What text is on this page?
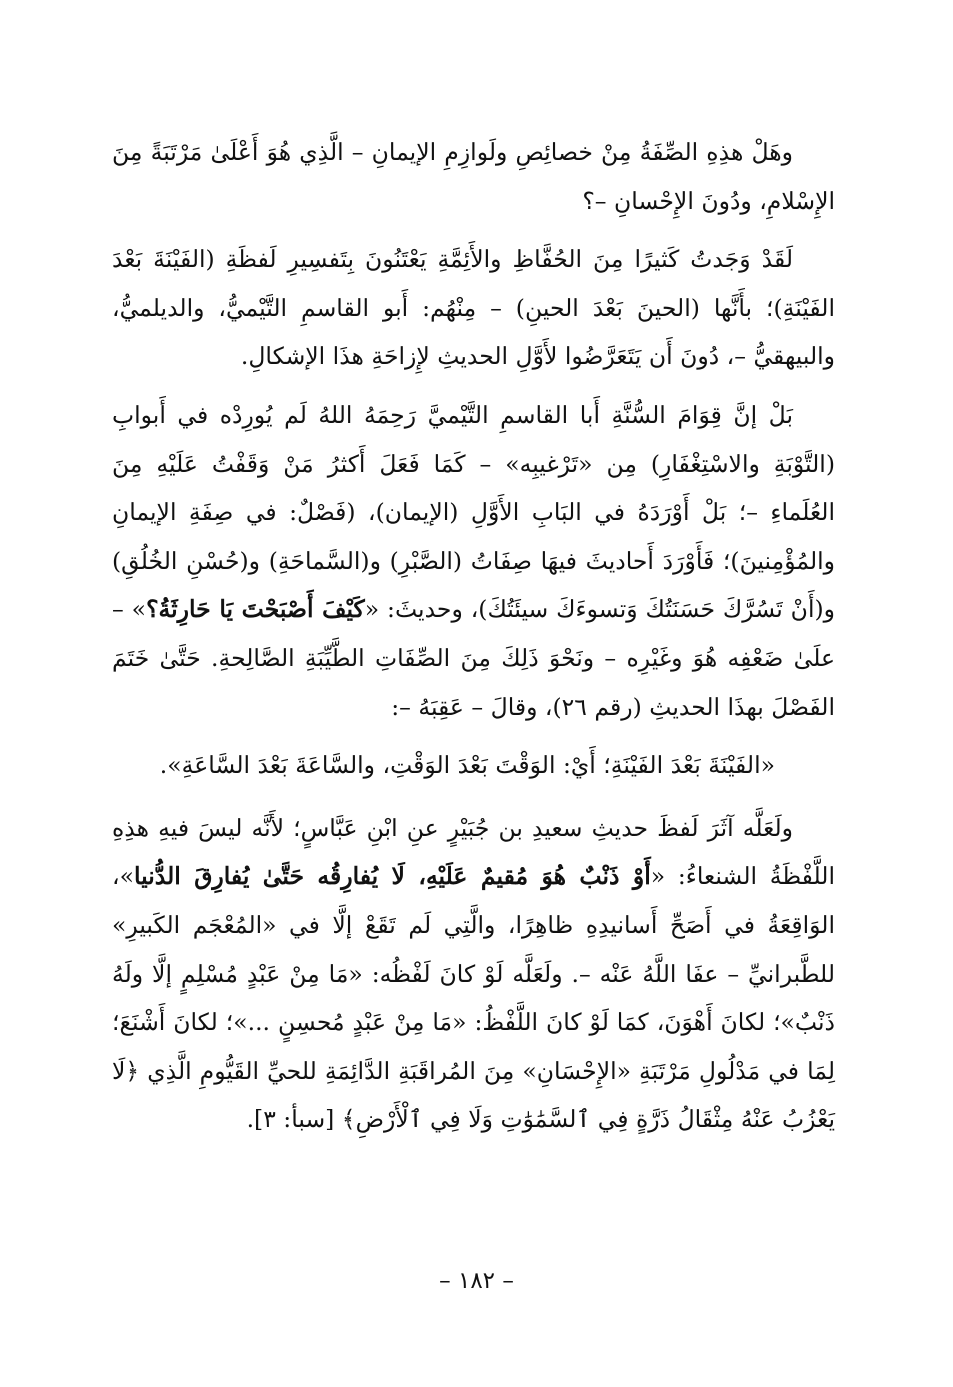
وهَلْ هذِهِ الصِّفَةُ مِنْ خصائِصِ ولَوازِمِ الإيمانِ – الَّذِي هُوَ أَعْلَىٰ مَرْتَبَةً مِنَ الإِسْلامِ، ودُونَ الإِحْسانِ –؟

لَقَدْ وَجَدتُ كَثيرًا مِنَ الحُفَّاظِ والأَئِمَّةِ يَعْتَنُونَ بِتَفسِيرِ لَفظَةِ (الفَيْنَةَ بَعْدَ الفَيْنَةِ)؛ بأَنَّها (الحينَ بَعْدَ الحينِ) – مِنْهُم: أَبو القاسمِ التَّيْميُّ، والديلميُّ، والبيهقيُّ –، دُونَ أَن يَتَعَرَّضُوا لأَوَّلِ الحديثِ لإِزاحَةِ هذَا الإشكالِ.

بَلْ إنَّ قِوَامَ السُّنَّةِ أَبا القاسمِ التَّيْميَّ رَحِمَهُ اللهُ لَم يُورِدْه في أَبوابِ (التَّوْبَةِ والاسْتِغْفَارِ) مِن «تَرْغيبِه» – كَمَا فَعَلَ أَكثرُ مَنْ وَقَفْتُ عَلَيْهِ مِنَ العُلَماءِ –؛ بَلْ أَوْرَدَهُ في البَابِ الأَوَّلِ (الإيمان)، (فَصْلٌ: في صِفَةِ الإيمانِ والمُؤْمِنينَ)؛ فَأَوْرَدَ أَحاديثَ فيهَا صِفَاتُ (الصَّبْرِ) و(السَّماحَةِ) و(حُسْنِ الخُلُقِ) و(أَنْ تَسُرَّكَ حَسَنَتُكَ وَتسوءَكَ سيئَتُكَ)، وحديثَ: «كَيْفَ أَصْبَحْتَ يَا حَارِثَةُ؟» – علَىٰ ضَعْفِه هُوَ وغَيْرِه – ونَحْوَ ذَلِكَ مِنَ الصِّفَاتِ الطَّيِّبَةِ الصَّالِحةِ. حَتَّىٰ خَتَمَ الفَصْلَ بهذَا الحديثِ (رقم ٢٦)، وقالَ – عَقِبَهُ –:

«الفَيْنَةَ بَعْدَ الفَيْنَةِ؛ أَيْ: الوَقْتَ بَعْدَ الوَقْتِ، والسَّاعَةَ بَعْدَ السَّاعَةِ».

ولَعَلَّه آثَرَ لَفظَ حديثِ سعيدِ بن جُبَيْرٍ عنِ ابْنِ عَبَّاسٍ؛ لأَنَّه ليسَ فيهِ هذِهِ اللَّفْظَةُ الشنعاءُ: «أَوْ ذَنْبٌ هُوَ مُقيمٌ عَلَيْهِ، لَا يُفارِقُه حَتَّىٰ يُفارِقَ الدُّنيا»، الوَاقِعَةُ في أَصَحِّ أَسانيدِهِ ظاهِرًا، والَّتِي لَم تَقَعْ إلَّا في «المُعْجَم الكَبيرِ» للطَّبرانيِّ – عفَا اللَّهُ عَنْه –. ولَعَلَّه لَوْ كانَ لَفْظُه: «مَا مِنْ عَبْدٍ مُسْلِمٍ إلَّا ولَهُ ذَنْبٌ»؛ لكانَ أَهْوَنَ، كمَا لَوْ كانَ اللَّفْظُ: «مَا مِنْ عَبْدٍ مُحسِنٍ ...»؛ لكانَ أَشْنَعَ؛ لِمَا في مَدْلُولِ مَرْتَبَةِ «الإِحْسَانِ» مِنَ المُراقَبَةِ الدَّائِمَةِ للحيِّ القَيُّومِ الَّذِي ﴿لَا يَعْزُبُ عَنْهُ مِثْقَالُ ذَرَّةٍ فِي ٱلسَّمَٰوَٰتِ وَلَا فِي ٱلْأَرْضِ﴾ [سبأ: ٣].

– ١٨٢ –
